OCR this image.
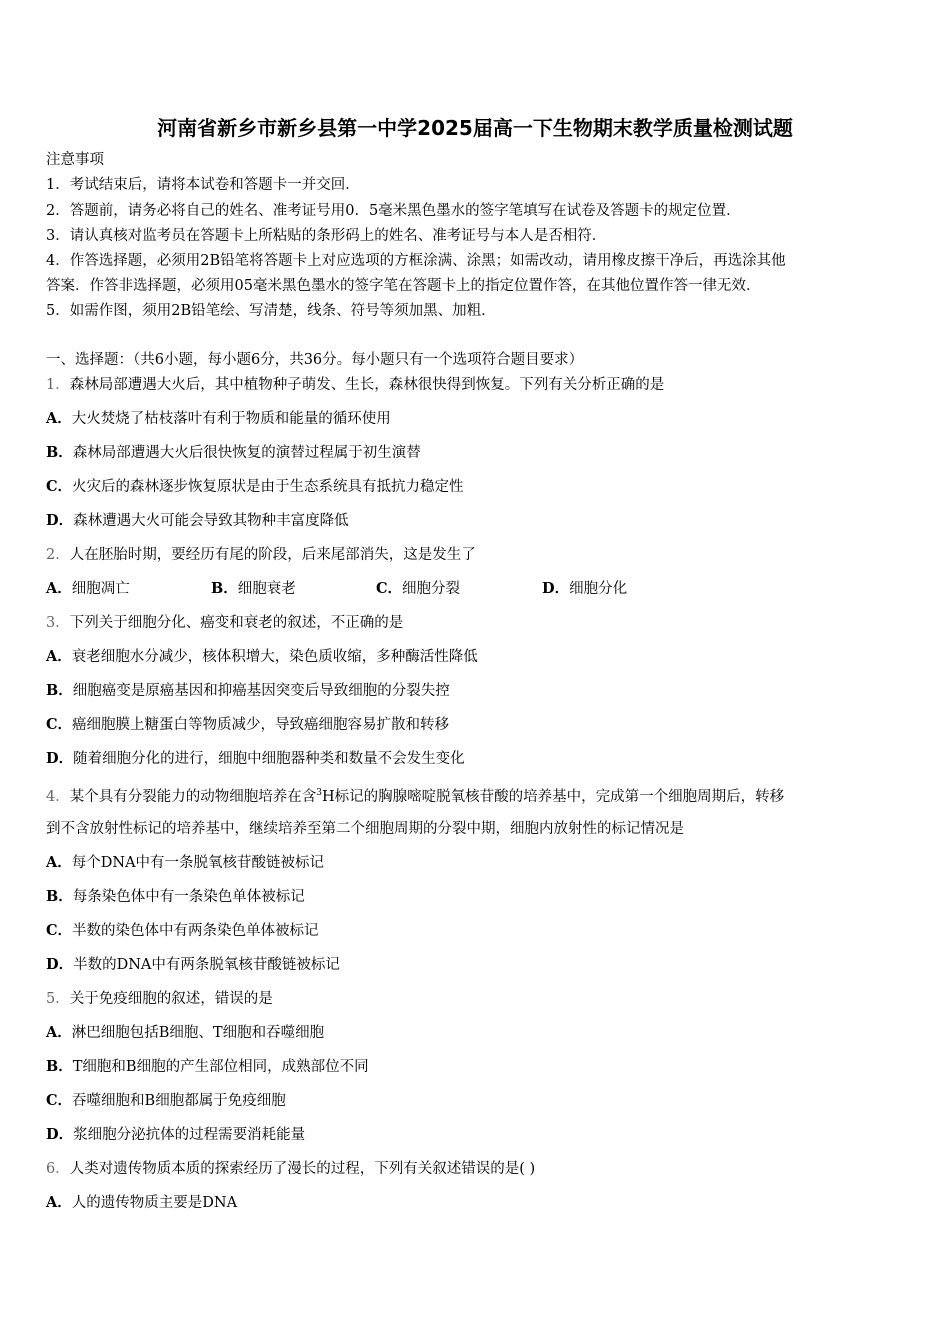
河南省新乡市新乡县第一中学2025届高一下生物期末教学质量检测试题
注意事项
1．考试结束后，请将本试卷和答题卡一并交回．
2．答题前，请务必将自己的姓名、准考证号用0．5毫米黑色墨水的签字笔填写在试卷及答题卡的规定位置．
3．请认真核对监考员在答题卡上所粘贴的条形码上的姓名、准考证号与本人是否相符．
4．作答选择题，必须用2B铅笔将答题卡上对应选项的方框涂满、涂黑；如需改动，请用橡皮擦干净后，再选涂其他
答案．作答非选择题，必须用05毫米黑色墨水的签字笔在答题卡上的指定位置作答，在其他位置作答一律无效．
5．如需作图，须用2B铅笔绘、写清楚，线条、符号等须加黑、加粗．
一、选择题：（共6小题，每小题6分，共36分。每小题只有一个选项符合题目要求）
1．森林局部遭遇大火后，其中植物种子萌发、生长，森林很快得到恢复。下列有关分析正确的是
A．大火焚烧了枯枝落叶有利于物质和能量的循环使用
B．森林局部遭遇大火后很快恢复的演替过程属于初生演替
C．火灾后的森林逐步恢复原状是由于生态系统具有抵抗力稳定性
D．森林遭遇大火可能会导致其物种丰富度降低
2．人在胚胎时期，要经历有尾的阶段，后来尾部消失，这是发生了
A．细胞凋亡	B．细胞衰老	C．细胞分裂	D．细胞分化
3．下列关于细胞分化、癌变和衰老的叙述，不正确的是
A．衰老细胞水分减少，核体积增大，染色质收缩，多种酶活性降低
B．细胞癌变是原癌基因和抑癌基因突变后导致细胞的分裂失控
C．癌细胞膜上糖蛋白等物质减少，导致癌细胞容易扩散和转移
D．随着细胞分化的进行，细胞中细胞器种类和数量不会发生变化
4．某个具有分裂能力的动物细胞培养在含$^3$H标记的胸腺嘧啶脱氧核苷酸的培养基中，完成第一个细胞周期后，转移
到不含放射性标记的培养基中，继续培养至第二个细胞周期的分裂中期，细胞内放射性的标记情况是
A．每个DNA中有一条脱氧核苷酸链被标记
B．每条染色体中有一条染色单体被标记
C．半数的染色体中有两条染色单体被标记
D．半数的DNA中有两条脱氧核苷酸链被标记
5．关于免疫细胞的叙述，错误的是
A．淋巴细胞包括B细胞、T细胞和吞噬细胞
B．T细胞和B细胞的产生部位相同，成熟部位不同
C．吞噬细胞和B细胞都属于免疫细胞
D．浆细胞分泌抗体的过程需要消耗能量
6．人类对遗传物质本质的探索经历了漫长的过程，下列有关叙述错误的是( )
A．人的遗传物质主要是DNA
